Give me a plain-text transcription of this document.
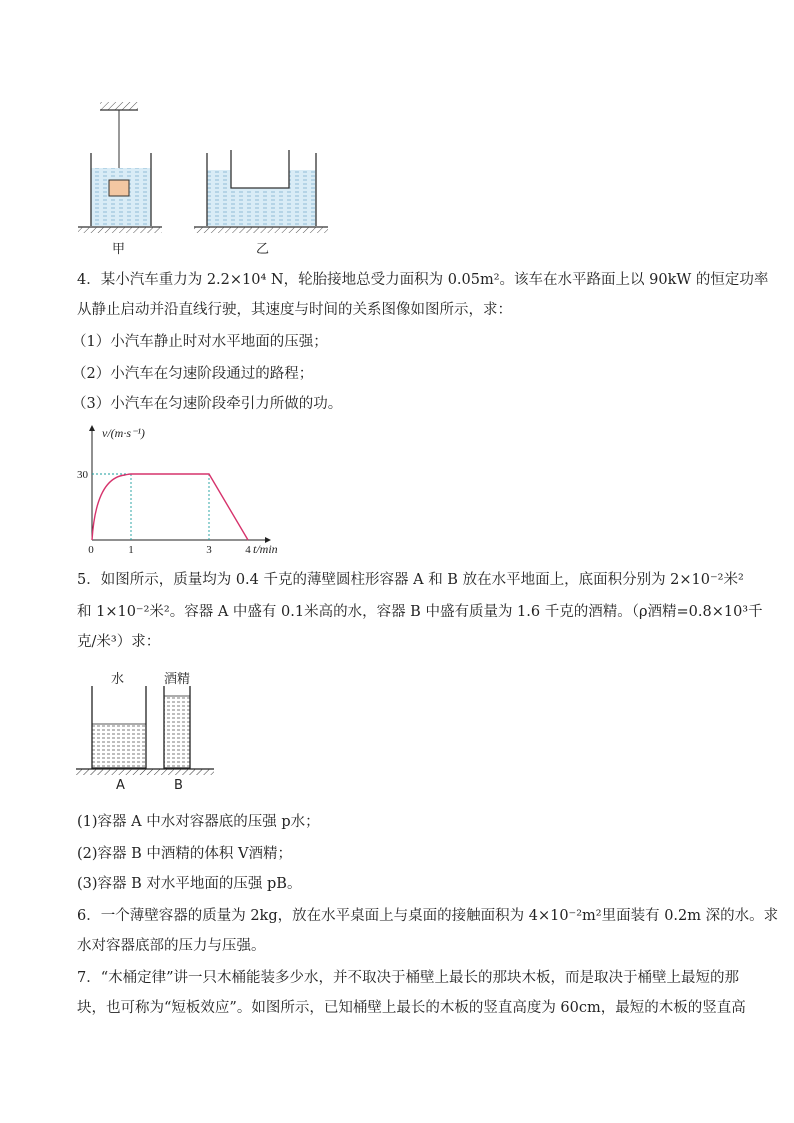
甲	乙
4．某小汽车重力为 2.2×10⁴ N，轮胎接地总受力面积为 0.05m²。该车在水平路面上以 90kW 的恒定功率
从静止启动并沿直线行驶，其速度与时间的关系图像如图所示，求：
（1）小汽车静止时对水平地面的压强；
（2）小汽车在匀速阶段通过的路程；
（3）小汽车在匀速阶段牵引力所做的功。
0	1	3	4
30
v/(m·s⁻¹)
t/min
5．如图所示，质量均为 0.4 千克的薄壁圆柱形容器 A 和 B 放在水平地面上，底面积分别为 2×10⁻²米²
和 1×10⁻²米²。容器 A 中盛有 0.1米高的水，容器 B 中盛有质量为 1.6 千克的酒精。（ρ酒精=0.8×10³千
克/米³）求：
水	酒精
A	B
(1)容器 A 中水对容器底的压强 p水；
(2)容器 B 中酒精的体积 V酒精；
(3)容器 B 对水平地面的压强 pB。
6．一个薄壁容器的质量为 2kg，放在水平桌面上与桌面的接触面积为 4×10⁻²m²里面装有 0.2m 深的水。求
水对容器底部的压力与压强。
7．“木桶定律”讲一只木桶能装多少水，并不取决于桶壁上最长的那块木板，而是取决于桶壁上最短的那
块，也可称为“短板效应”。如图所示，已知桶壁上最长的木板的竖直高度为 60cm，最短的木板的竖直高
